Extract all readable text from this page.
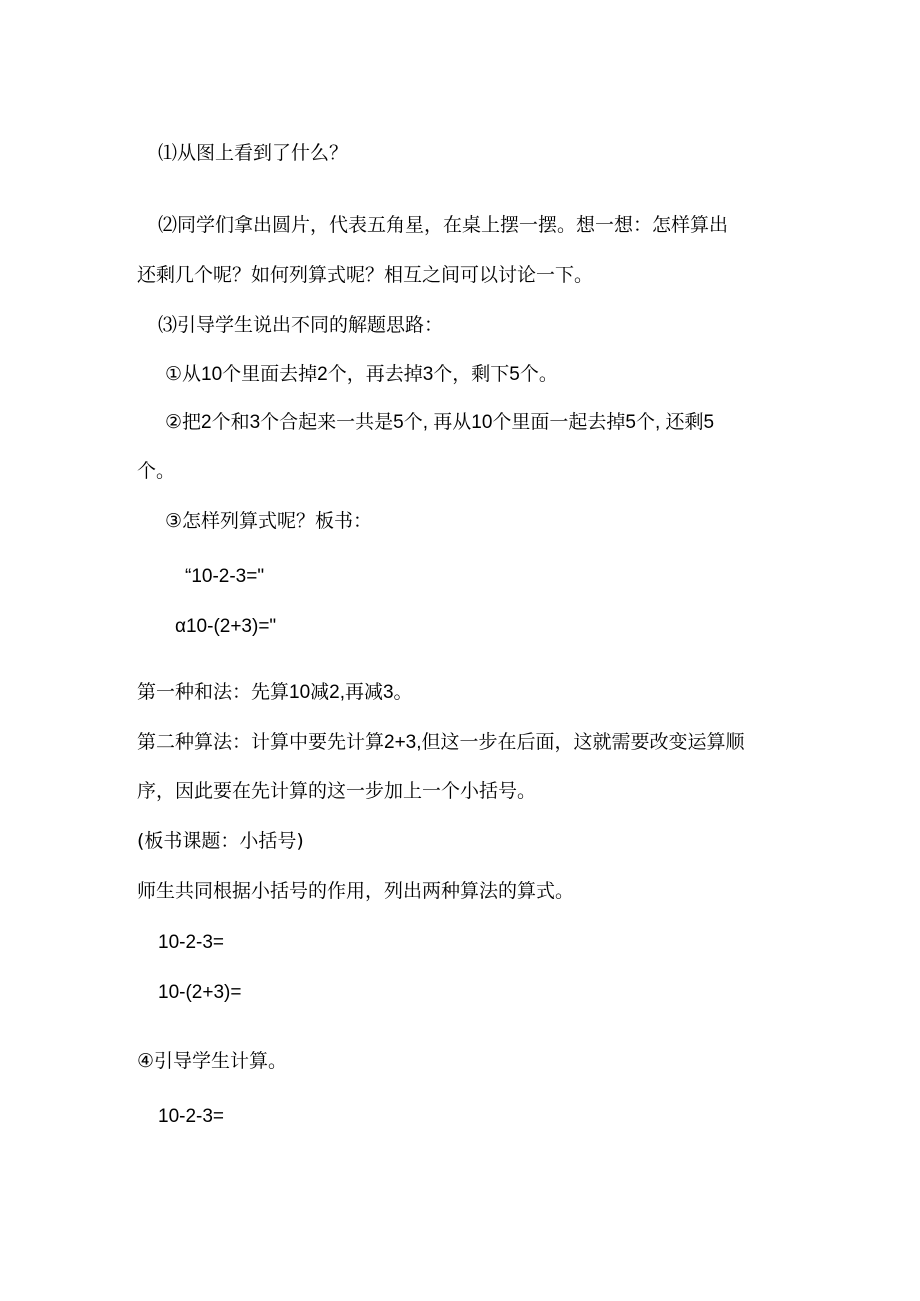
⑴从图上看到了什么？
⑵同学们拿出圆片，代表五角星，在桌上摆一摆。想一想：怎样算出
还剩几个呢？如何列算式呢？相互之间可以讨论一下。
⑶引导学生说出不同的解题思路：
①从10个里面去掉2个，再去掉3个，剩下5个。
②把2个和3个合起来一共是5个, 再从10个里面一起去掉5个, 还剩5
个。
③怎样列算式呢？板书：
“10-2-3="
α10-(2+3)="
第一种和法：先算10减2,再减3。
第二种算法：计算中要先计算2+3,但这一步在后面，这就需要改变运算顺
序，因此要在先计算的这一步加上一个小括号。
(板书课题：小括号)
师生共同根据小括号的作用，列出两种算法的算式。
10-2-3=
10-(2+3)=
④引导学生计算。
10-2-3=
